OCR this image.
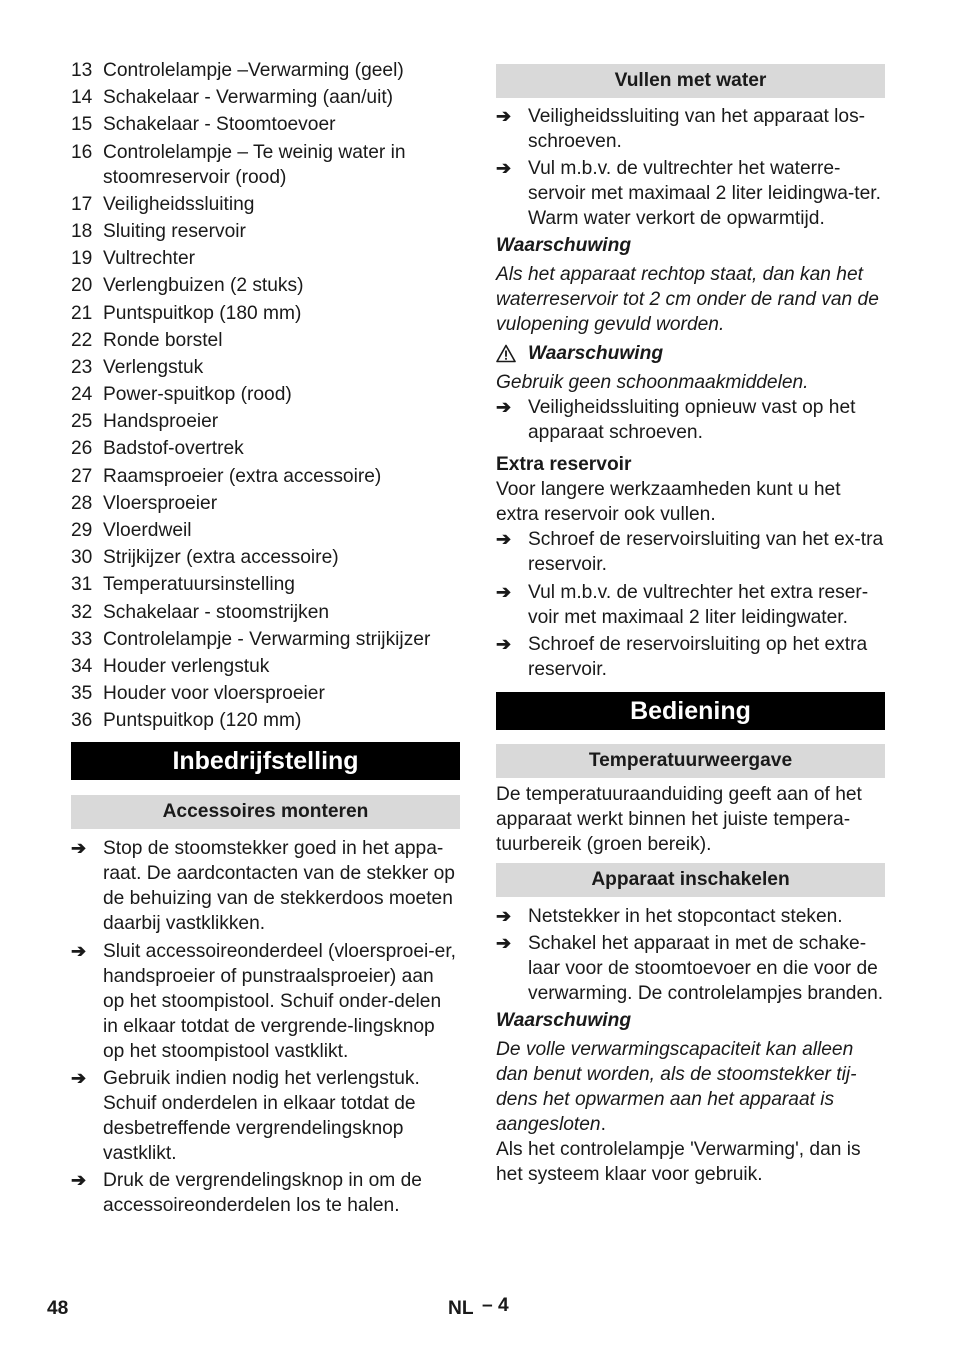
13 Controlelampje –Verwarming (geel)
14 Schakelaar - Verwarming (aan/uit)
15 Schakelaar - Stoomtoevoer
16 Controlelampje – Te weinig water in stoomreservoir (rood)
17 Veiligheidssluiting
18 Sluiting reservoir
19 Vultrechter
20 Verlengbuizen (2 stuks)
21 Puntspuitkop (180 mm)
22 Ronde borstel
23 Verlengstuk
24 Power-spuitkop (rood)
25 Handsproeier
26 Badstof-overtrek
27 Raamsproeier (extra accessoire)
28 Vloersproeier
29 Vloerdweil
30 Strijkijzer (extra accessoire)
31 Temperatuursinstelling
32 Schakelaar - stoomstrijken
33 Controlelampje - Verwarming strijkijzer
34 Houder verlengstuk
35 Houder voor vloersproeier
36 Puntspuitkop (120 mm)
Inbedrijfstelling
Accessoires monteren
➔ Stop de stoomstekker goed in het appa-raat. De aardcontacten van de stekker op de behuizing van de stekkerdoos moeten daarbij vastklikken.
➔ Sluit accessoireonderdeel (vloersproei-er, handsproeier of punstraalsproeier) aan op het stoompistool. Schuif onder-delen in elkaar totdat de vergrende-lingsknop op het stoompistool vastklikt.
➔ Gebruik indien nodig het verlengstuk. Schuif onderdelen in elkaar totdat de desbetreffende vergrendelingsknop vastklikt.
➔ Druk de vergrendelingsknop in om de accessoireonderdelen los te halen.
Vullen met water
➔ Veiligheidssluiting van het apparaat los-schroeven.
➔ Vul m.b.v. de vultrechter het waterre-servoir met maximaal 2 liter leidingwa-ter. Warm water verkort de opwarmtijd.
Waarschuwing

Als het apparaat rechtop staat, dan kan het waterreservoir tot 2 cm onder de rand van de vulopening gevuld worden.

Waarschuwing

Gebruik geen schoonmaakmiddelen.

➔ Veiligheidssluiting opnieuw vast op het apparaat schroeven.
Extra reservoir

Voor langere werkzaamheden kunt u het extra reservoir ook vullen.

➔ Schroef de reservoirsluiting van het ex-tra reservoir.
➔ Vul m.b.v. de vultrechter het extra reser-voir met maximaal 2 liter leidingwater.
➔ Schroef de reservoirsluiting op het extra reservoir.
Bediening
Temperatuurweergave

De temperatuuraanduiding geeft aan of het apparaat werkt binnen het juiste tempera-tuurbereik (groen bereik).

Apparaat inschakelen
➔ Netstekker in het stopcontact steken.
➔ Schakel het apparaat in met de schake-laar voor de stoomtoevoer en die voor de verwarming. De controlelampjes branden.
Waarschuwing

De volle verwarmingscapaciteit kan alleen dan benut worden, als de stoomstekker tij-dens het opwarmen aan het apparaat is aangesloten.

Als het controlelampje 'Verwarming', dan is het systeem klaar voor gebruik.

48	NL – 4
